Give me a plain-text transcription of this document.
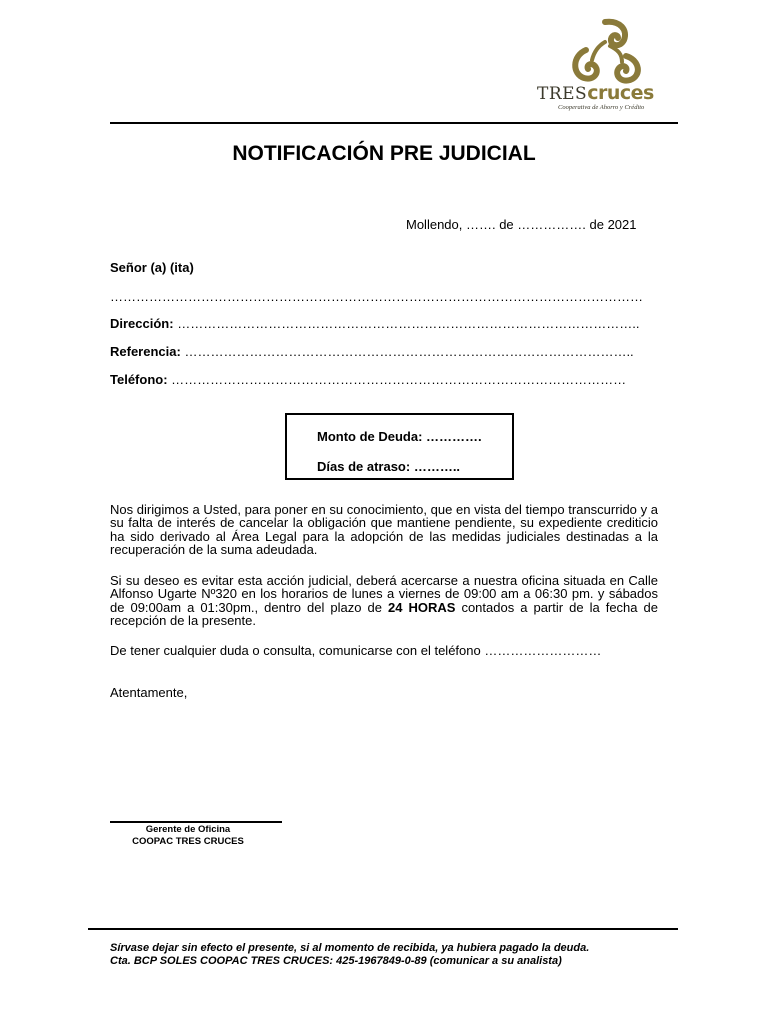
TREScruces
Cooperativa de Ahorro y Crédito
NOTIFICACIÓN PRE JUDICIAL
Mollendo, ……. de ……………. de 2021
Señor (a) (ita)
……………………………………………………………………………………………………………
Dirección: ……………………………………………………………………………………………..
Referencia: …………………………………………………………………………………………..
Teléfono: ……………………………………………………………………………………………
Monto de Deuda: ………….
Días de atraso: ………..
Nos dirigimos a Usted, para poner en su conocimiento, que en vista del tiempo transcurrido y a su falta de interés de cancelar la obligación que mantiene pendiente, su expediente crediticio ha sido derivado al Área Legal para la adopción de las medidas judiciales destinadas a la recuperación de la suma adeudada.
Si su deseo es evitar esta acción judicial, deberá acercarse a nuestra oficina situada en Calle Alfonso Ugarte Nº320 en los horarios de lunes a viernes de 09:00 am a 06:30 pm. y sábados de 09:00am a 01:30pm., dentro del plazo de 24 HORAS contados a partir de la fecha de recepción de la presente.
De tener cualquier duda o consulta, comunicarse con el teléfono ………………………
Atentamente,
Gerente de Oficina
COOPAC TRES CRUCES
Sírvase dejar sin efecto el presente, si al momento de recibida, ya hubiera pagado la deuda.
Cta. BCP SOLES COOPAC TRES CRUCES: 425-1967849-0-89 (comunicar a su analista)
